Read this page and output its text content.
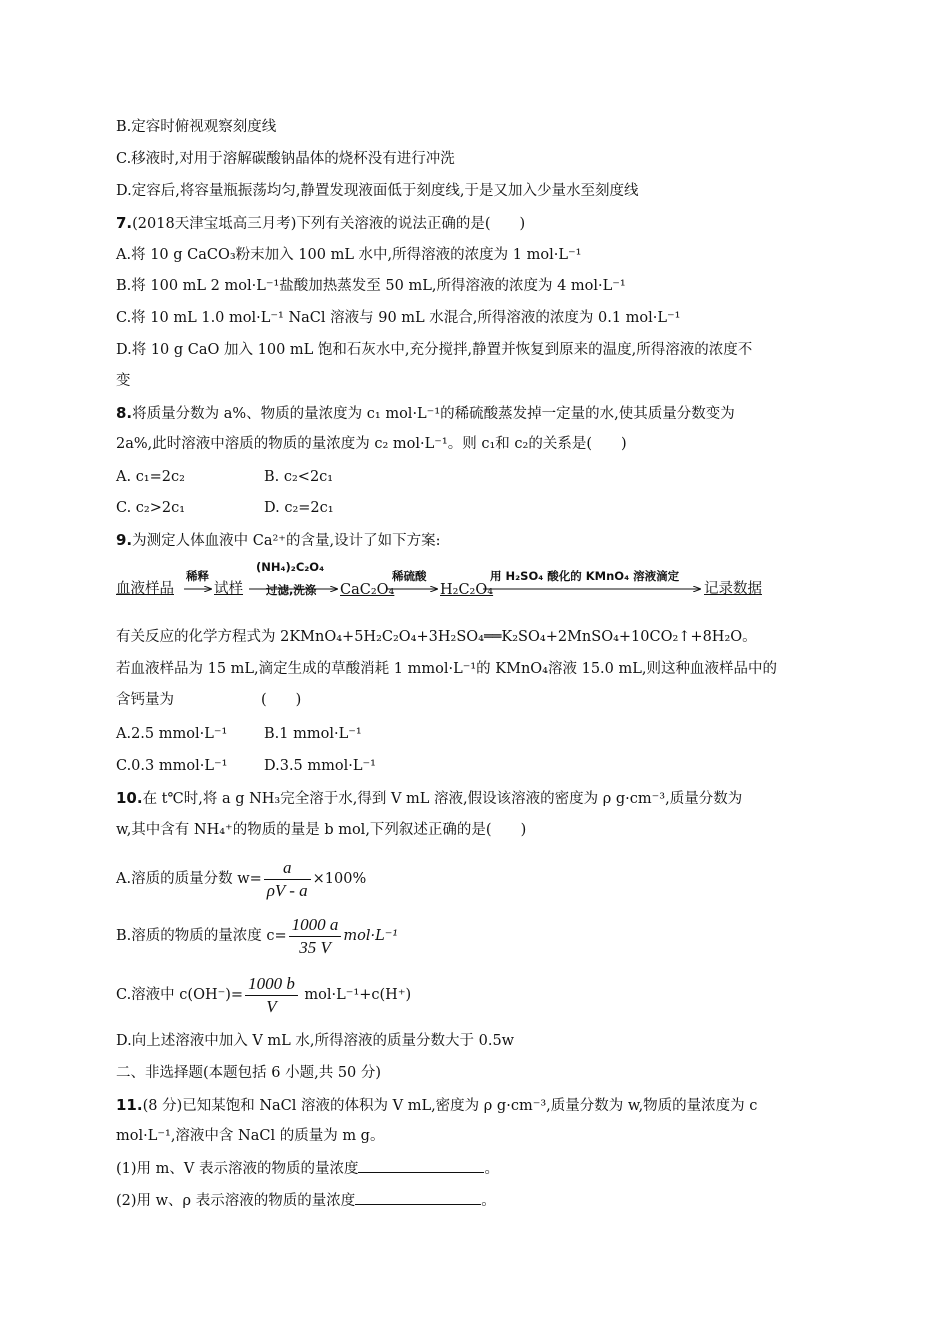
B.定容时俯视观察刻度线
C.移液时,对用于溶解碳酸钠晶体的烧杯没有进行冲洗
D.定容后,将容量瓶振荡均匀,静置发现液面低于刻度线,于是又加入少量水至刻度线
7.(2018天津宝坻高三月考)下列有关溶液的说法正确的是(　　)
A.将 10 g CaCO₃粉末加入 100 mL 水中,所得溶液的浓度为 1 mol·L⁻¹
B.将 100 mL 2 mol·L⁻¹盐酸加热蒸发至 50 mL,所得溶液的浓度为 4 mol·L⁻¹
C.将 10 mL 1.0 mol·L⁻¹ NaCl 溶液与 90 mL 水混合,所得溶液的浓度为 0.1 mol·L⁻¹
D.将 10 g CaO 加入 100 mL 饱和石灰水中,充分搅拌,静置并恢复到原来的温度,所得溶液的浓度不
变
8.将质量分数为 a%、物质的量浓度为 c₁ mol·L⁻¹的稀硫酸蒸发掉一定量的水,使其质量分数变为
2a%,此时溶液中溶质的物质的量浓度为 c₂ mol·L⁻¹。则 c₁和 c₂的关系是(　　)
A. c₁=2c₂	B. c₂<2c₁
C. c₂>2c₁	D. c₂=2c₁
9.为测定人体血液中 Ca²⁺的含量,设计了如下方案:
血液样品
稀释
试样
(NH₄)₂C₂O₄
过滤,洗涤 CaC₂O₄
稀硫酸
H₂C₂O₄
用 H₂SO₄ 酸化的 KMnO₄ 溶液滴定
记录数据
有关反应的化学方程式为 2KMnO₄+5H₂C₂O₄+3H₂SO₄══K₂SO₄+2MnSO₄+10CO₂↑+8H₂O。
若血液样品为 15 mL,滴定生成的草酸消耗 1 mmol·L⁻¹的 KMnO₄溶液 15.0 mL,则这种血液样品中的
含钙量为　　　　　　(　　)
A.2.5 mmol·L⁻¹	B.1 mmol·L⁻¹
C.0.3 mmol·L⁻¹	D.3.5 mmol·L⁻¹
10.在 t℃时,将 a g NH₃完全溶于水,得到 V mL 溶液,假设该溶液的密度为 ρ g·cm⁻³,质量分数为
w,其中含有 NH₄⁺的物质的量是 b mol,下列叙述正确的是(　　)
A.溶质的质量分数 $w= \frac{a}{\rho V - a} \times 100\%$
B.溶质的物质的量浓度 $c= \frac{1000 a}{35 V} mol\cdot L^{-1}$
C.溶液中 $c(OH^-)= \frac{1000 b}{V} mol\cdot L^{-1}+c(H^+)$
D.向上述溶液中加入 V mL 水,所得溶液的质量分数大于 0.5w
二、非选择题(本题包括 6 小题,共 50 分)
11.(8 分)已知某饱和 NaCl 溶液的体积为 V mL,密度为 ρ g·cm⁻³,质量分数为 w,物质的量浓度为 c
mol·L⁻¹,溶液中含 NaCl 的质量为 m g。
(1)用 m、V 表示溶液的物质的量浓度	。
(2)用 w、ρ 表示溶液的物质的量浓度	。
